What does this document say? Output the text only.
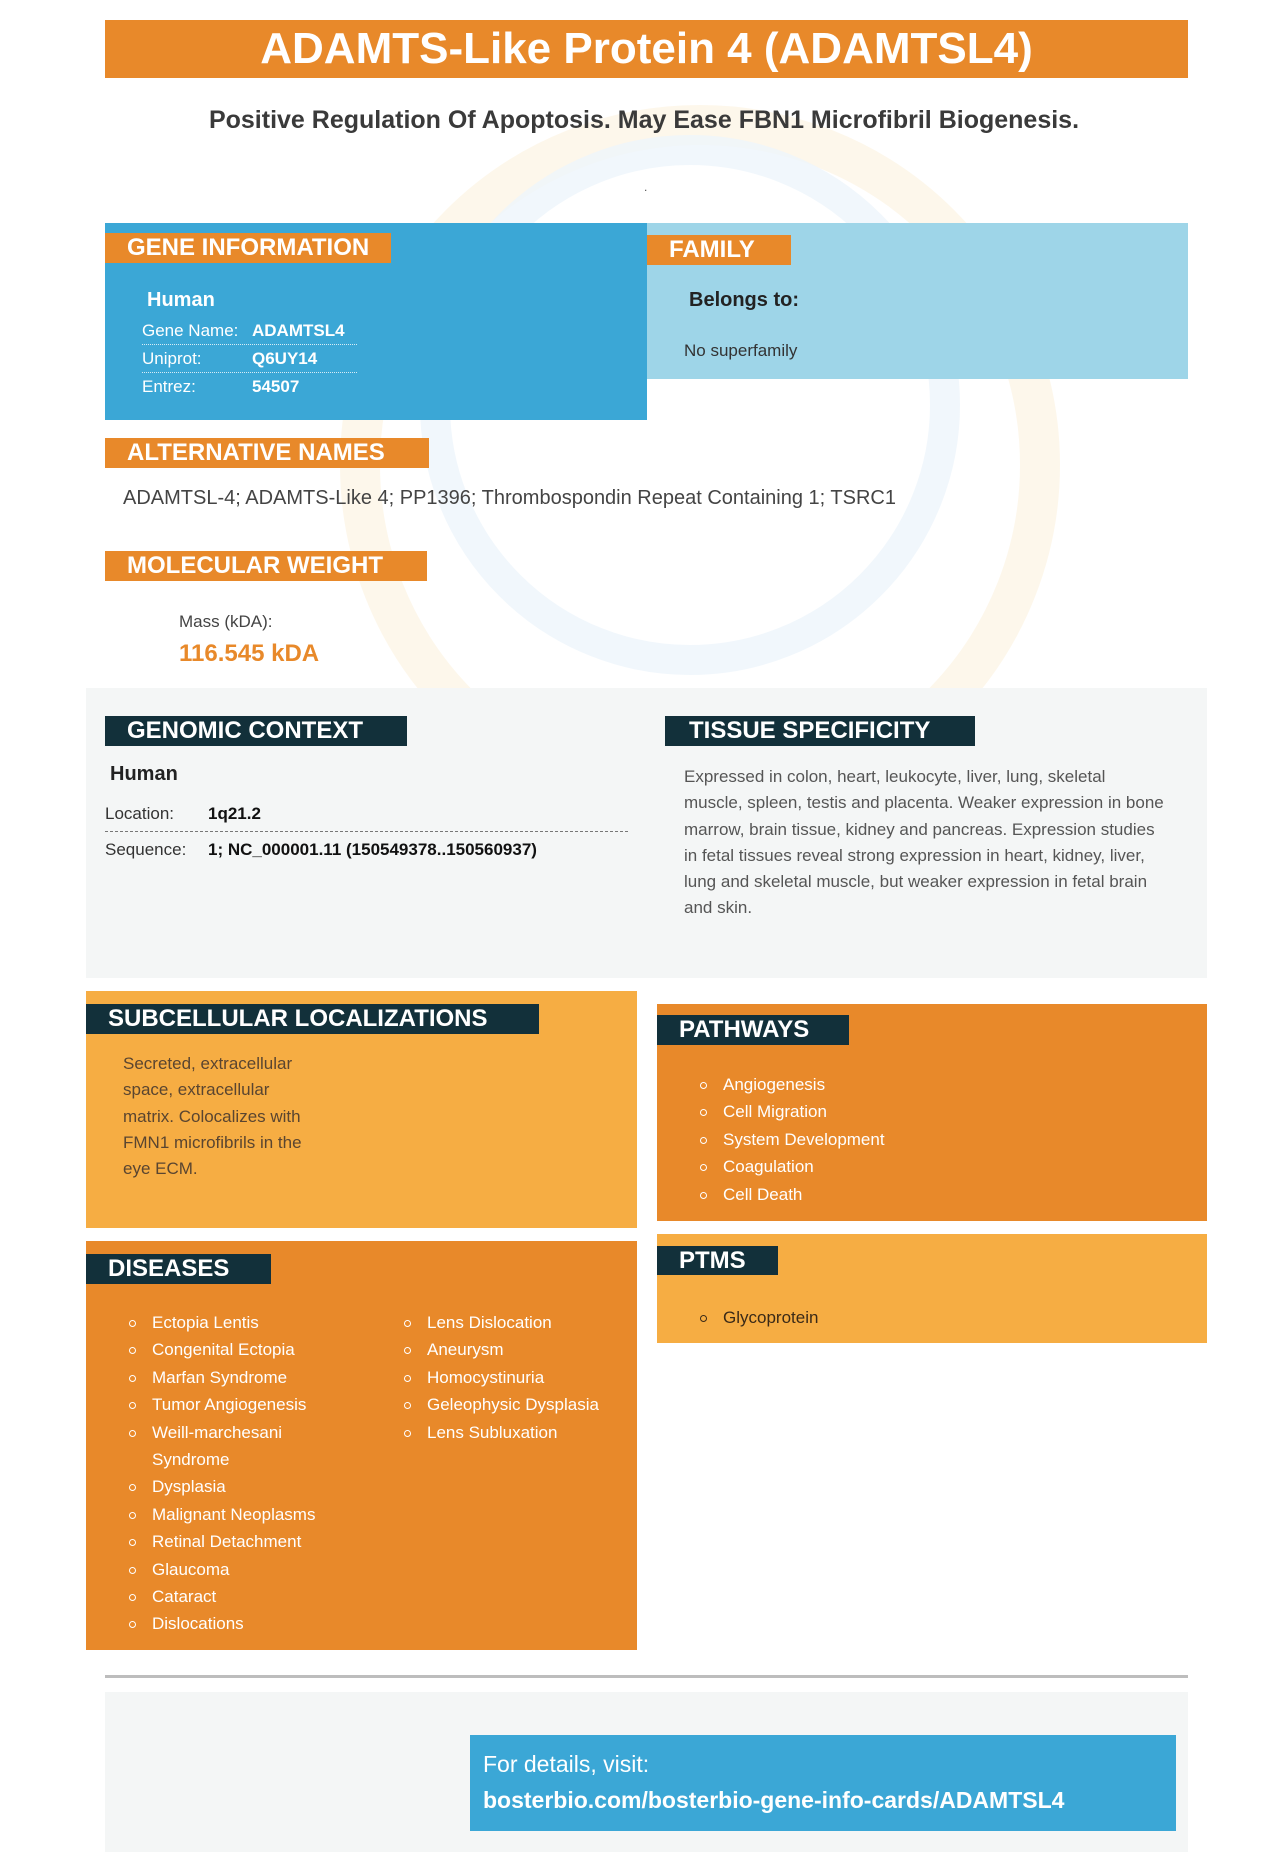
ADAMTS-Like Protein 4 (ADAMTSL4)
Positive Regulation Of Apoptosis. May Ease FBN1 Microfibril Biogenesis.
.
GENE INFORMATION
Human
Gene Name: ADAMTSL4
Uniprot:	Q6UY14
Entrez:	54507
FAMILY
Belongs to:
No superfamily
ALTERNATIVE NAMES
ADAMTSL-4; ADAMTS-Like 4; PP1396; Thrombospondin Repeat Containing 1; TSRC1
MOLECULAR WEIGHT
Mass (kDA):
116.545 kDA
GENOMIC CONTEXT
Human
Location: 1q21.2
Sequence: 1; NC_000001.11 (150549378..150560937)
TISSUE SPECIFICITY
Expressed in colon, heart, leukocyte, liver, lung, skeletal muscle, spleen, testis and placenta. Weaker expression in bone marrow, brain tissue, kidney and pancreas. Expression studies in fetal tissues reveal strong expression in heart, kidney, liver, lung and skeletal muscle, but weaker expression in fetal brain and skin.
SUBCELLULAR LOCALIZATIONS
Secreted, extracellular space, extracellular matrix. Colocalizes with FMN1 microfibrils in the eye ECM.
PATHWAYS
Angiogenesis
Cell Migration
System Development
Coagulation
Cell Death
PTMS
Glycoprotein
DISEASES
Ectopia Lentis
Congenital Ectopia
Marfan Syndrome
Tumor Angiogenesis
Weill-marchesani Syndrome
Dysplasia
Malignant Neoplasms
Retinal Detachment
Glaucoma
Cataract
Dislocations
Lens Dislocation
Aneurysm
Homocystinuria
Geleophysic Dysplasia
Lens Subluxation
For details, visit:
bosterbio.com/bosterbio-gene-info-cards/ADAMTSL4
